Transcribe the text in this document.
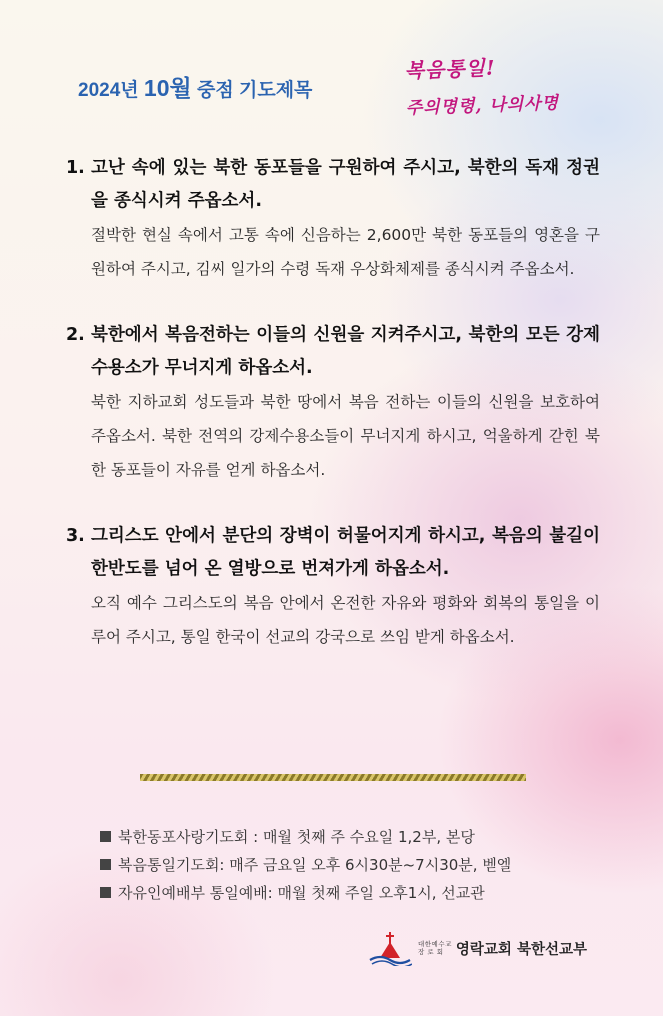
2024년 10월 중점 기도제목
복음통일!
주의명령, 나의사명
1. 고난 속에 있는 북한 동포들을 구원하여 주시고, 북한의 독재 정권을 종식시켜 주옵소서.
절박한 현실 속에서 고통 속에 신음하는 2,600만 북한 동포들의 영혼을 구원하여 주시고, 김씨 일가의 수령 독재 우상화체제를 종식시켜 주옵소서.
2. 북한에서 복음전하는 이들의 신원을 지켜주시고, 북한의 모든 강제수용소가 무너지게 하옵소서.
북한 지하교회 성도들과 북한 땅에서 복음 전하는 이들의 신원을 보호하여 주옵소서. 북한 전역의 강제수용소들이 무너지게 하시고, 억울하게 갇힌 북한 동포들이 자유를 얻게 하옵소서.
3. 그리스도 안에서 분단의 장벽이 허물어지게 하시고, 복음의 불길이 한반도를 넘어 온 열방으로 번져가게 하옵소서.
오직 예수 그리스도의 복음 안에서 온전한 자유와 평화와 회복의 통일을 이루어 주시고, 통일 한국이 선교의 강국으로 쓰임 받게 하옵소서.
북한동포사랑기도회 : 매월 첫째 주 수요일 1,2부, 본당
복음통일기도회: 매주 금요일 오후 6시30분~7시30분, 벧엘
자유인예배부 통일예배: 매월 첫째 주일 오후1시, 선교관
대한예수교
장 로 회 영락교회 북한선교부
